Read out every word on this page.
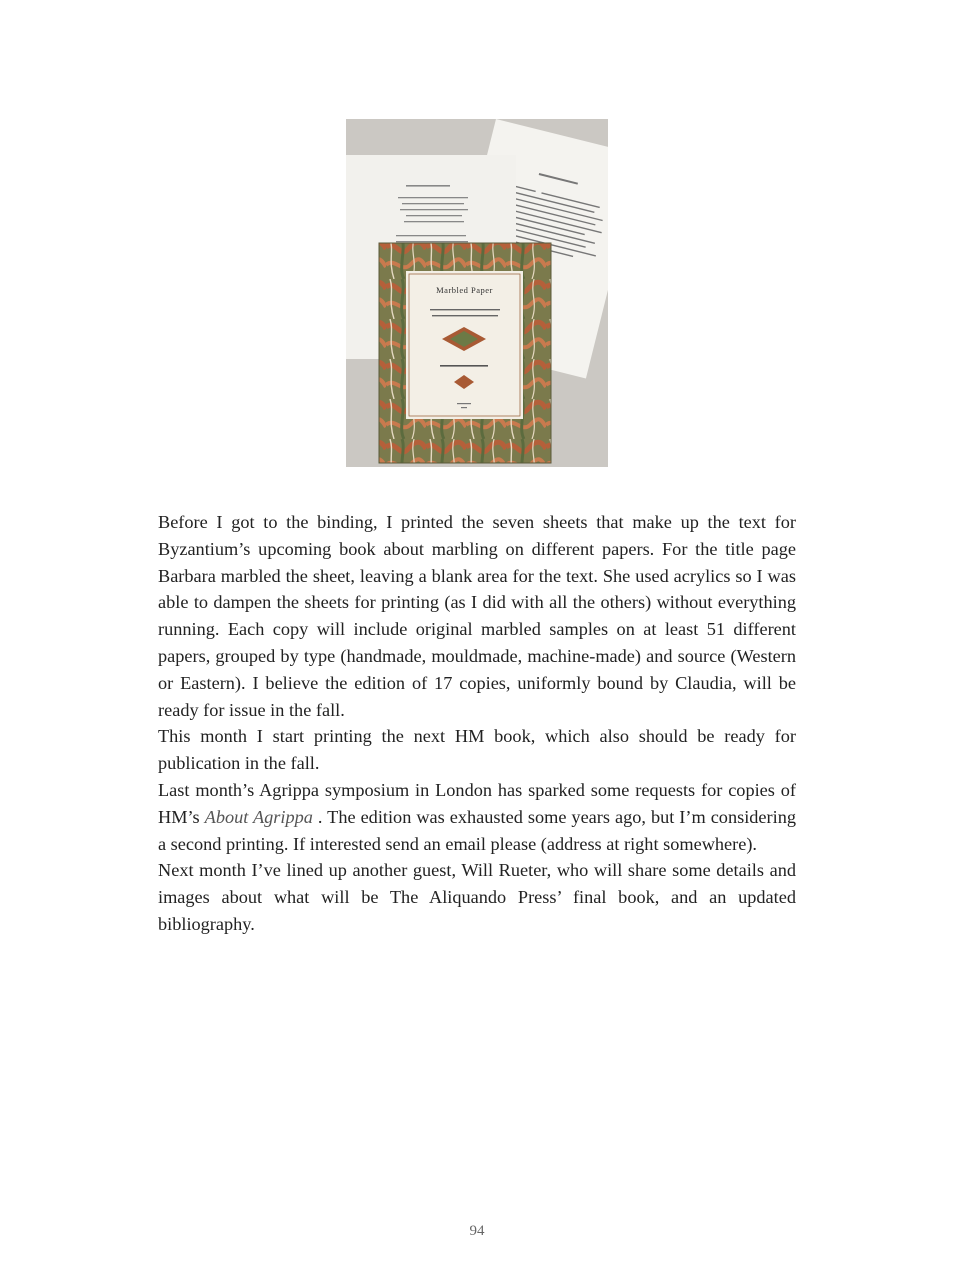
Marbled Paper

Before I got to the binding, I printed the seven sheets that make up the text for Byzantium’s upcoming book about marbling on different papers. For the title page Barbara marbled the sheet, leaving a blank area for the text. She used acrylics so I was able to dampen the sheets for printing (as I did with all the others) without everything running. Each copy will include original marbled samples on at least 51 different papers, grouped by type (handmade, mouldmade, machine-made) and source (Western or Eastern). I believe the edition of 17 copies, uniformly bound by Claudia, will be ready for issue in the fall.

This month I start printing the next HM book, which also should be ready for publication in the fall.

Last month’s Agrippa symposium in London has sparked some requests for copies of HM’s About Agrippa . The edition was exhausted some years ago, but I’m considering a second printing. If interested send an email please (address at right somewhere).

Next month I’ve lined up another guest, Will Rueter, who will share some details and images about what will be The Aliquando Press’ final book, and an updated bibliography.

94
